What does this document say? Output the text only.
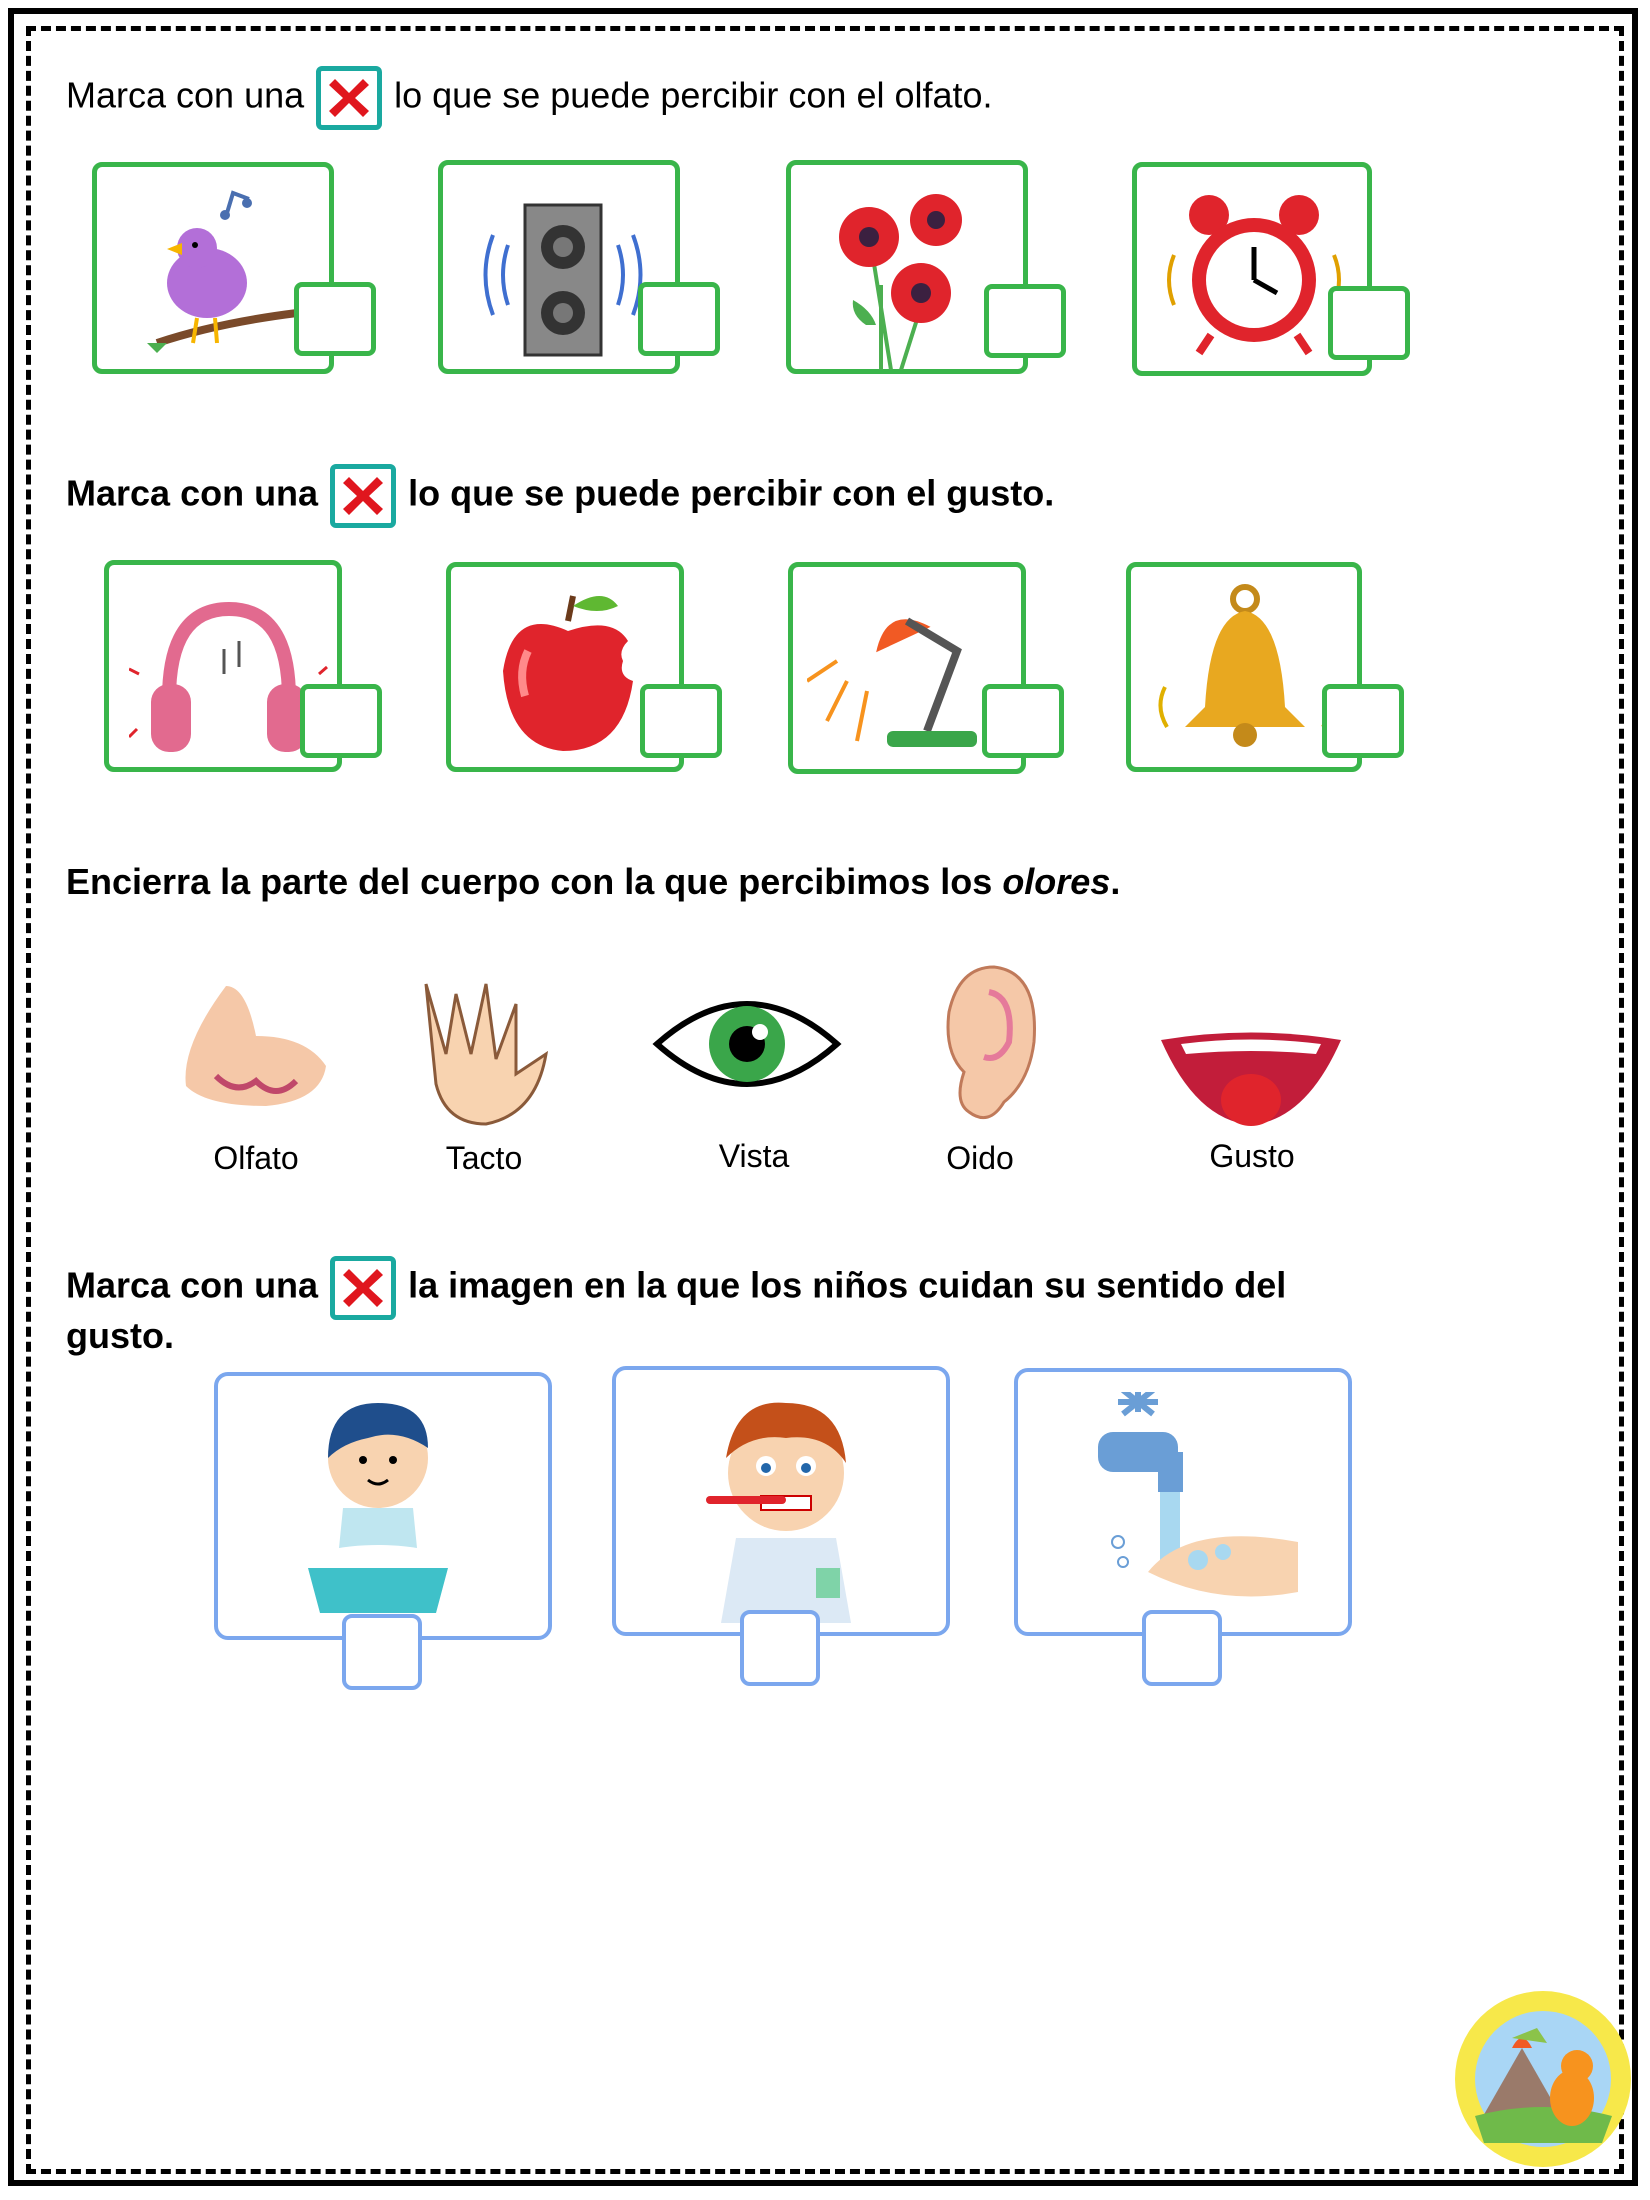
Marca con una	lo que se puede percibir con el olfato.
Marca con una	lo que se puede percibir con el gusto.
Encierra la parte del cuerpo con la que percibimos los olores.
Olfato	Tacto	Vista	Oido	Gusto
Marca con una	la imagen en la que los niños cuidan su sentido del
gusto.
